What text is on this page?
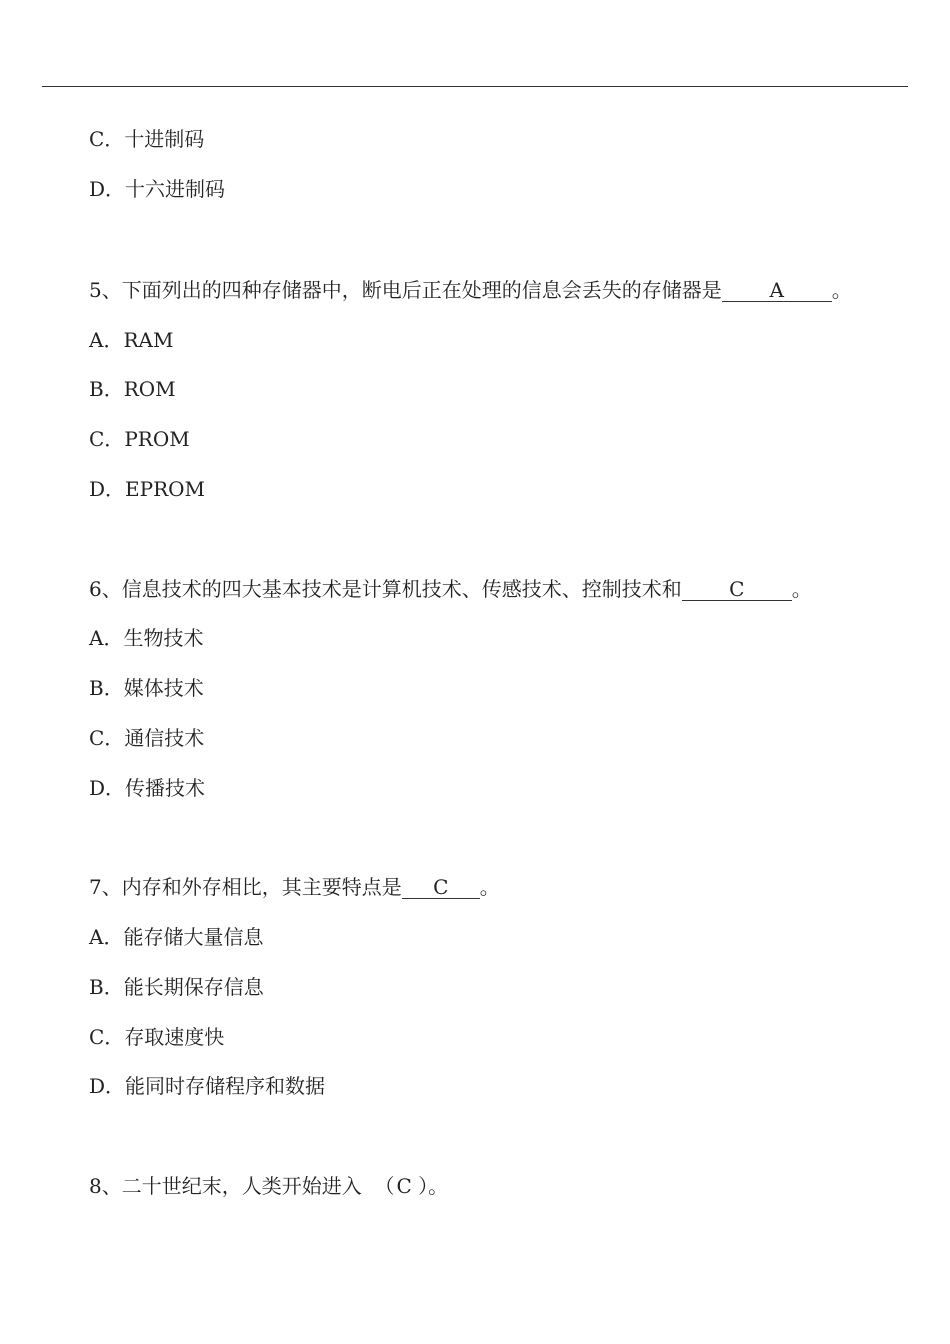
C．十进制码
D．十六进制码
5、下面列出的四种存储器中，断电后正在处理的信息会丢失的存储器是 A 。
A．RAM
B．ROM
C．PROM
D．EPROM
6、信息技术的四大基本技术是计算机技术、传感技术、控制技术和 C 。
A．生物技术
B．媒体技术
C．通信技术
D．传播技术
7、内存和外存相比，其主要特点是 C 。
A．能存储大量信息
B．能长期保存信息
C．存取速度快
D．能同时存储程序和数据
8、二十世纪末，人类开始进入 （C ）。
